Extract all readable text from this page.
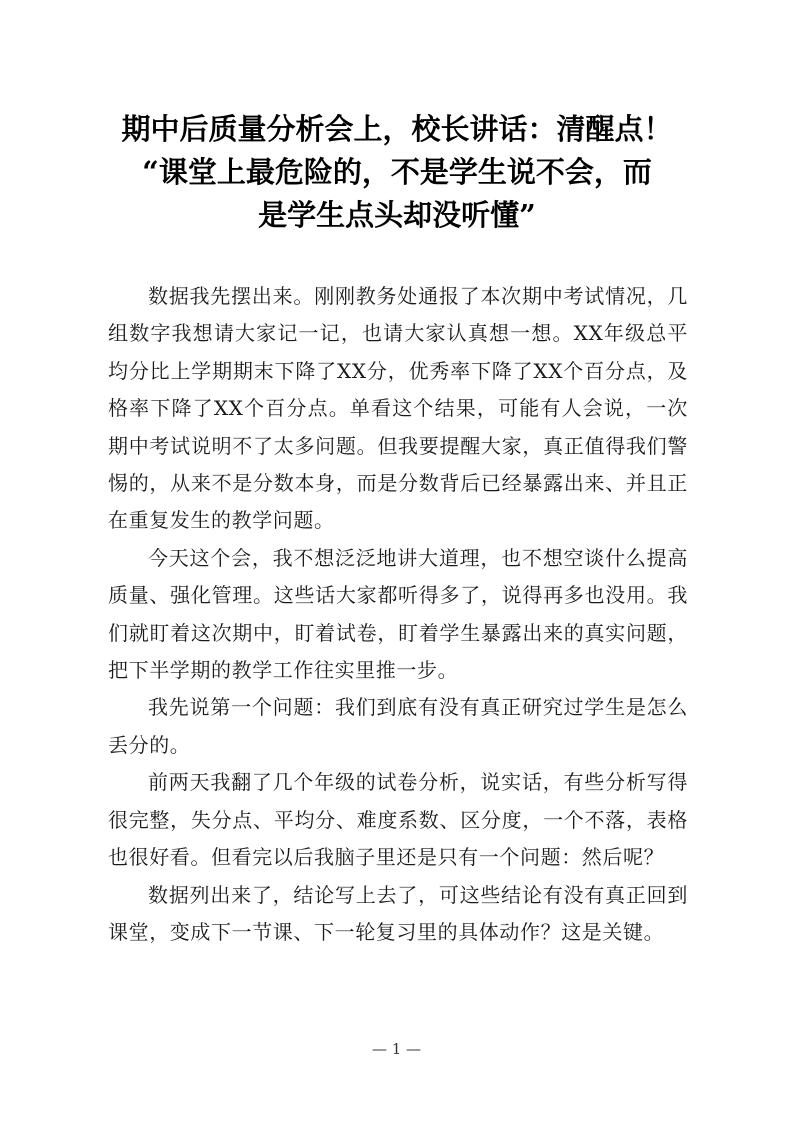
期中后质量分析会上，校长讲话：清醒点！
“课堂上最危险的，不是学生说不会，而
是学生点头却没听懂”

数据我先摆出来。刚刚教务处通报了本次期中考试情况，几组数字我想请大家记一记，也请大家认真想一想。XX年级总平均分比上学期期末下降了XX分，优秀率下降了XX个百分点，及格率下降了XX个百分点。单看这个结果，可能有人会说，一次期中考试说明不了太多问题。但我要提醒大家，真正值得我们警惕的，从来不是分数本身，而是分数背后已经暴露出来、并且正在重复发生的教学问题。

今天这个会，我不想泛泛地讲大道理，也不想空谈什么提高质量、强化管理。这些话大家都听得多了，说得再多也没用。我们就盯着这次期中，盯着试卷，盯着学生暴露出来的真实问题，把下半学期的教学工作往实里推一步。

我先说第一个问题：我们到底有没有真正研究过学生是怎么丢分的。

前两天我翻了几个年级的试卷分析，说实话，有些分析写得很完整，失分点、平均分、难度系数、区分度，一个不落，表格也很好看。但看完以后我脑子里还是只有一个问题：然后呢？

数据列出来了，结论写上去了，可这些结论有没有真正回到课堂，变成下一节课、下一轮复习里的具体动作？这是关键。

— 1 —
